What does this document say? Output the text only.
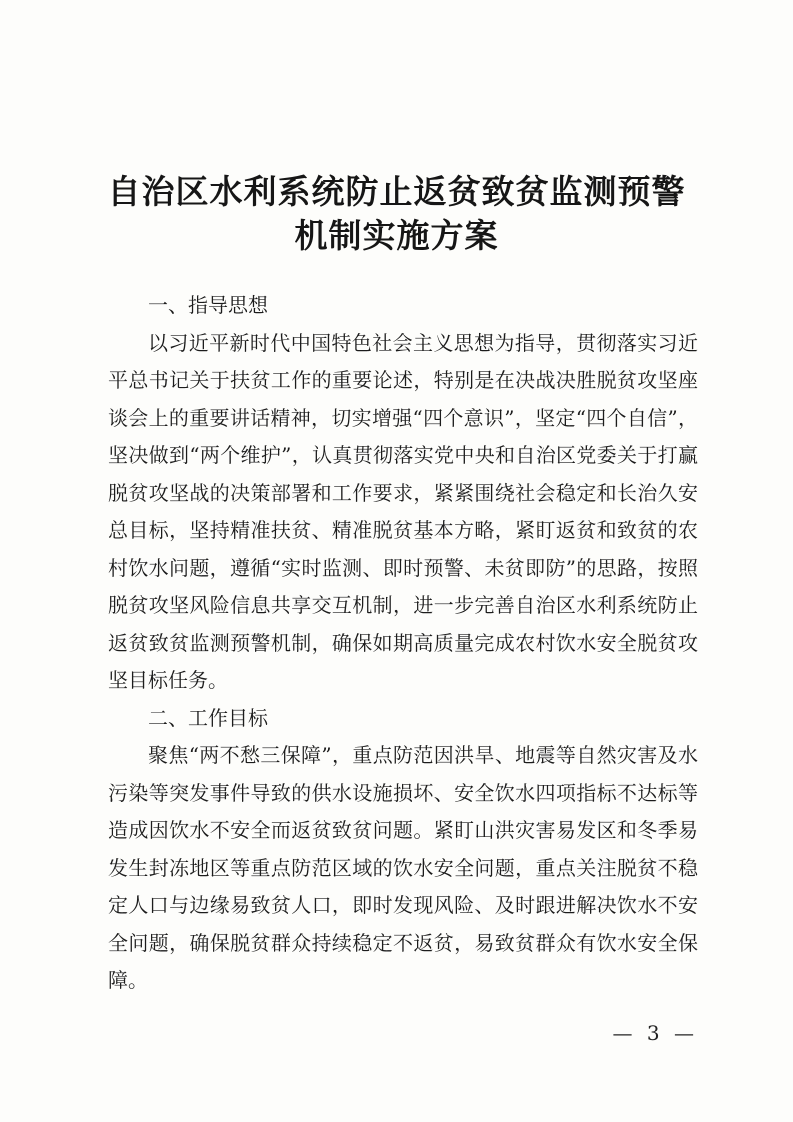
自治区水利系统防止返贫致贫监测预警
机制实施方案

一、指导思想

以习近平新时代中国特色社会主义思想为指导，贯彻落实习近平总书记关于扶贫工作的重要论述，特别是在决战决胜脱贫攻坚座谈会上的重要讲话精神，切实增强“四个意识”，坚定“四个自信”，坚决做到“两个维护”，认真贯彻落实党中央和自治区党委关于打赢脱贫攻坚战的决策部署和工作要求，紧紧围绕社会稳定和长治久安总目标，坚持精准扶贫、精准脱贫基本方略，紧盯返贫和致贫的农村饮水问题，遵循“实时监测、即时预警、未贫即防”的思路，按照脱贫攻坚风险信息共享交互机制，进一步完善自治区水利系统防止返贫致贫监测预警机制，确保如期高质量完成农村饮水安全脱贫攻坚目标任务。

二、工作目标

聚焦“两不愁三保障”，重点防范因洪旱、地震等自然灾害及水污染等突发事件导致的供水设施损坏、安全饮水四项指标不达标等造成因饮水不安全而返贫致贫问题。紧盯山洪灾害易发区和冬季易发生封冻地区等重点防范区域的饮水安全问题，重点关注脱贫不稳定人口与边缘易致贫人口，即时发现风险、及时跟进解决饮水不安全问题，确保脱贫群众持续稳定不返贫，易致贫群众有饮水安全保障。

— 3 —
